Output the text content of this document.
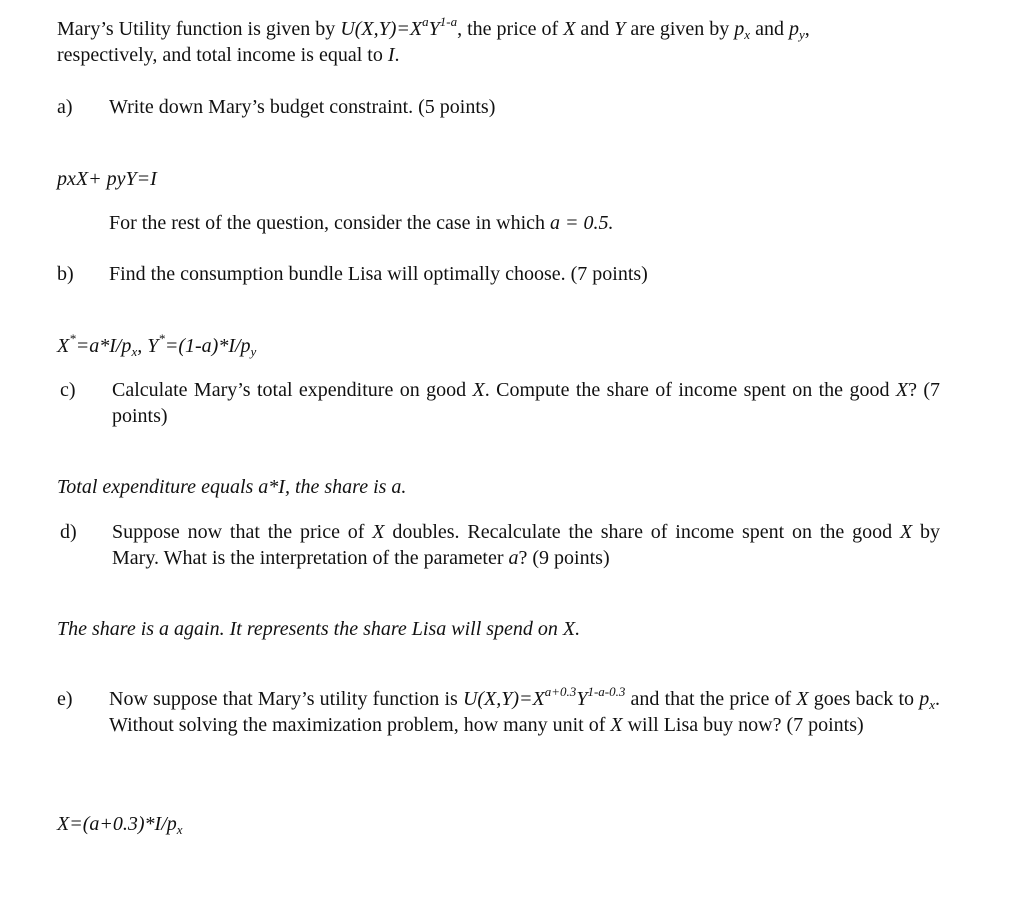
Mary’s Utility function is given by $U(X,Y)=X^aY^{1-a}$, the price of X and Y are given by $p_x$ and $p_y$,
respectively, and total income is equal to I.
a) Write down Mary’s budget constraint. (5 points)
pxX+ pyY=I
For the rest of the question, consider the case in which a = 0.5.
b) Find the consumption bundle Lisa will optimally choose. (7 points)
$X^*=a*I/p_x$, $Y^*=(1-a)*I/p_y$
c) Calculate Mary’s total expenditure on good X. Compute the share of income spent on the good X? (7 points)
Total expenditure equals a*I, the share is a.
d) Suppose now that the price of X doubles. Recalculate the share of income spent on the good X by Mary. What is the interpretation of the parameter a? (9 points)
The share is a again. It represents the share Lisa will spend on X.
e) Now suppose that Mary’s utility function is $U(X,Y)=X^{a+0.3}Y^{1-a-0.3}$ and that the price of X goes back to $p_x$. Without solving the maximization problem, how many unit of X will Lisa buy now? (7 points)
$X=(a+0.3)*I/p_x$
